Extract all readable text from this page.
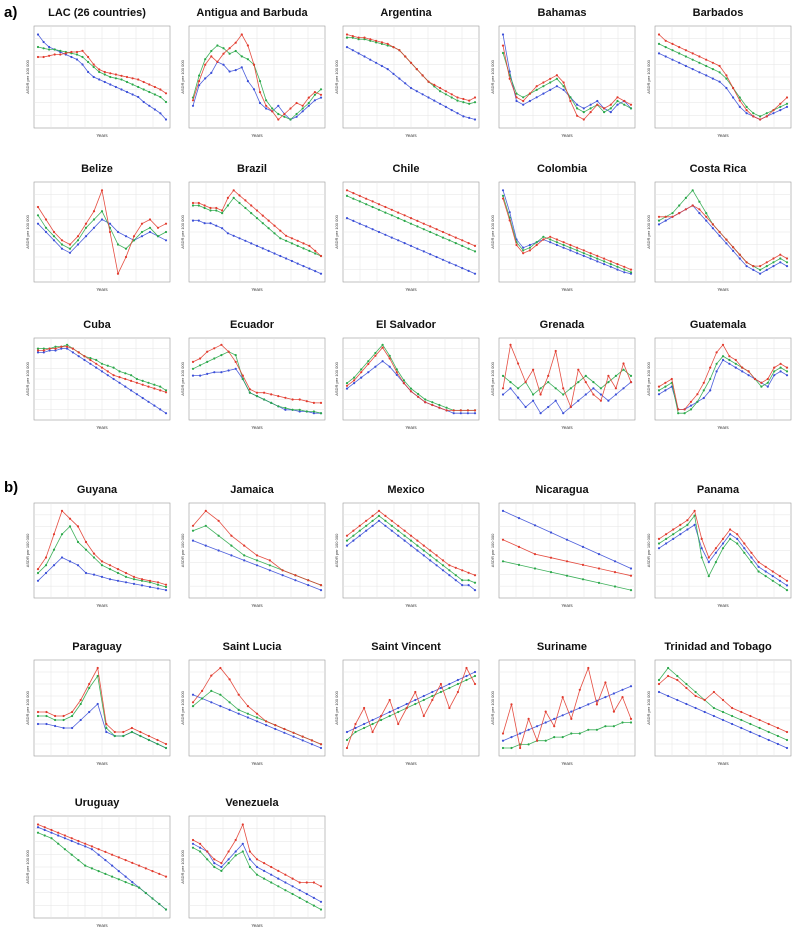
a)
b)
LAC (26 countries)
Years
ASDR per 100 000
Antigua and Barbuda
Years
ASDR per 100 000
Argentina
Years
ASDR per 100 000
Bahamas
Years
ASDR per 100 000
Barbados
Years
ASDR per 100 000
Belize
Years
ASDR per 100 000
Brazil
Years
ASDR per 100 000
Chile
Years
ASDR per 100 000
Colombia
Years
ASDR per 100 000
Costa Rica
Years
ASDR per 100 000
Cuba
Years
ASDR per 100 000
Ecuador
Years
ASDR per 100 000
El Salvador
Years
ASDR per 100 000
Grenada
Years
ASDR per 100 000
Guatemala
Years
ASDR per 100 000
Guyana
Years
ASDR per 100 000
Jamaica
Years
ASDR per 100 000
Mexico
Years
ASDR per 100 000
Nicaragua
Years
ASDR per 100 000
Panama
Years
ASDR per 100 000
Paraguay
Years
ASDR per 100 000
Saint Lucia
Years
ASDR per 100 000
Saint Vincent
Years
ASDR per 100 000
Suriname
Years
ASDR per 100 000
Trinidad and Tobago
Years
ASDR per 100 000
Uruguay
Years
ASDR per 100 000
Venezuela
Years
ASDR per 100 000
